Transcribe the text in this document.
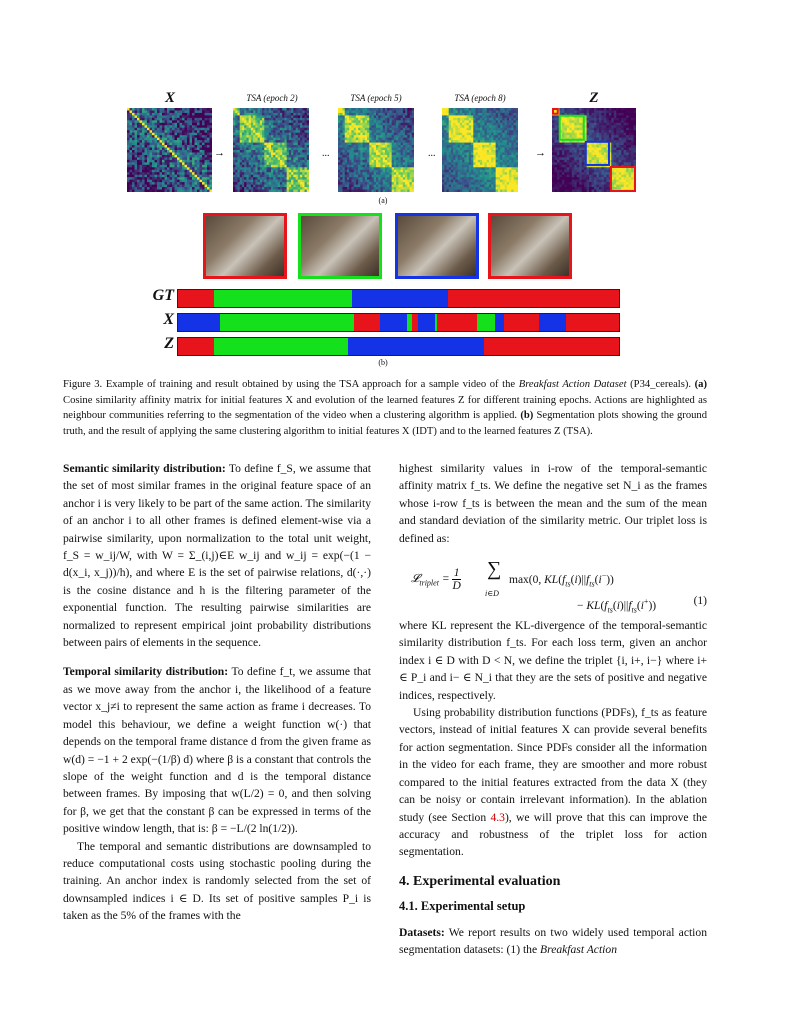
X	TSA (epoch 2)	TSA (epoch 5)	TSA (epoch 8)	Z
→	...	...	→
(a)
GT
X
Z
(b)
Figure 3. Example of training and result obtained by using the TSA approach for a sample video of the Breakfast Action Dataset (P34_cereals). (a) Cosine similarity affinity matrix for initial features X and evolution of the learned features Z for different training epochs. Actions are highlighted as neighbour communities referring to the segmentation of the video when a clustering algorithm is applied. (b) Segmentation plots showing the ground truth, and the result of applying the same clustering algorithm to initial features X (IDT) and to the learned features Z (TSA).

Semantic similarity distribution: To define f_S, we assume that the set of most similar frames in the original feature space of an anchor i is very likely to be part of the same action. The similarity of an anchor i to all other frames is defined element-wise via a pairwise similarity, upon normalization to the total unit weight, f_S = w_ij/W, with W = Σ_(i,j)∈E w_ij and w_ij = exp(−(1 − d(x_i, x_j))/h), and where E is the set of pairwise relations, d(·,·) is the cosine distance and h is the filtering parameter of the exponential function. The resulting pairwise similarities are normalized to represent empirical joint probability distributions between pairs of elements in the sequence.

Temporal similarity distribution: To define f_t, we assume that as we move away from the anchor i, the likelihood of a feature vector x_j≠i to represent the same action as frame i decreases. To model this behaviour, we define a weight function w(·) that depends on the temporal frame distance d from the given frame as w(d) = −1 + 2 exp(−(1/β) d) where β is a constant that controls the slope of the weight function and d is the temporal distance between frames. By imposing that w(L/2) = 0, and then solving for β, we get that the constant β can be expressed in terms of the positive window length, that is: β = −L/(2 ln(1/2)).

The temporal and semantic distributions are downsampled to reduce computational costs using stochastic pooling during the training. An anchor index is randomly selected from the set of downsampled indices i ∈ D. Its set of positive samples P_i is taken as the 5% of the frames with the

highest similarity values in i-row of the temporal-semantic affinity matrix f_ts. We define the negative set N_i as the frames whose i-row f_ts is between the mean and the sum of the mean and standard deviation of the similarity metric. Our triplet loss is defined as:

𝓛$_{triplet}$ = $\frac{1}{D}$ ∑
i∈D
max(0, $KL(f_{ts}(i)||f_{ts}(i^-))$
− $KL(f_{ts}(i)||f_{ts}(i^+))$	(1)

where KL represent the KL-divergence of the temporal-semantic similarity distribution f_ts. For each loss term, given an anchor index i ∈ D with D < N, we define the triplet {i, i+, i−} where i+ ∈ P_i and i− ∈ N_i that they are the sets of positive and negative indices, respectively.

Using probability distribution functions (PDFs), f_ts as feature vectors, instead of initial features X can provide several benefits for action segmentation. Since PDFs consider all the information in the video for each frame, they are smoother and more robust compared to the initial features extracted from the data X (they can be noisy or contain irrelevant information). In the ablation study (see Section 4.3), we will prove that this can improve the accuracy and robustness of the triplet loss for action segmentation.

4. Experimental evaluation
4.1. Experimental setup

Datasets: We report results on two widely used temporal action segmentation datasets: (1) the Breakfast Action
